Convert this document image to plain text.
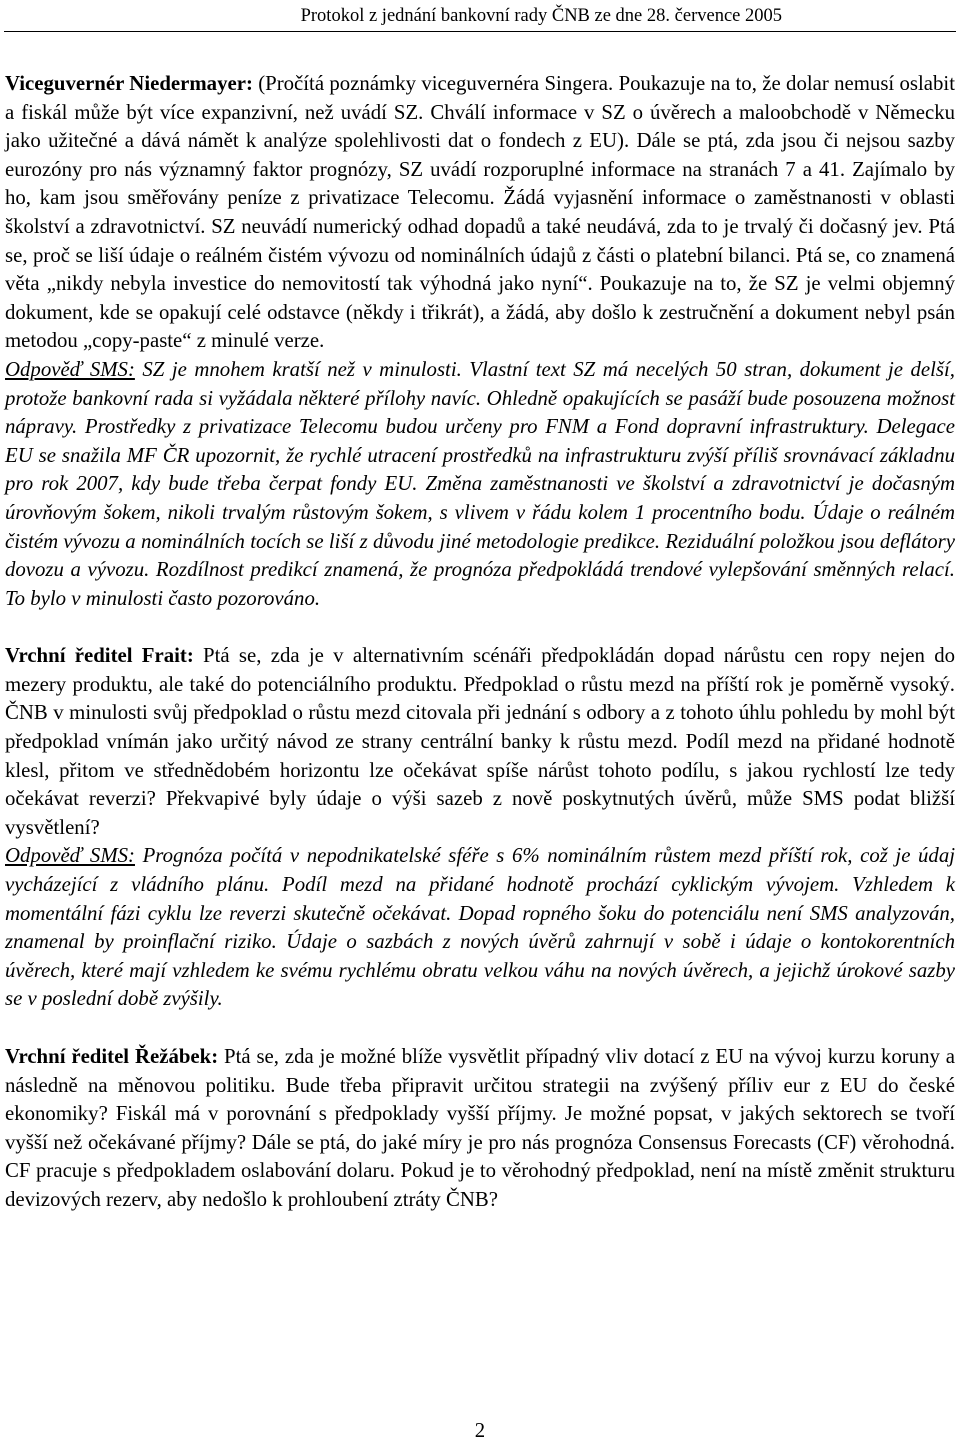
Protokol z jednání bankovní rady ČNB ze dne 28. července 2005

Viceguvernér Niedermayer: (Pročítá poznámky viceguvernéra Singera. Poukazuje na to, že dolar nemusí oslabit a fiskál může být více expanzivní, než uvádí SZ. Chválí informace v SZ o úvěrech a maloobchodě v Německu jako užitečné a dává námět k analýze spolehlivosti dat o fondech z EU). Dále se ptá, zda jsou či nejsou sazby eurozóny pro nás významný faktor prognózy, SZ uvádí rozporuplné informace na stranách 7 a 41. Zajímalo by ho, kam jsou směřovány peníze z privatizace Telecomu. Žádá vyjasnění informace o zaměstnanosti v oblasti školství a zdravotnictví. SZ neuvádí numerický odhad dopadů a také neudává, zda to je trvalý či dočasný jev. Ptá se, proč se liší údaje o reálném čistém vývozu od nominálních údajů z části o platební bilanci. Ptá se, co znamená věta „nikdy nebyla investice do nemovitostí tak výhodná jako nyní“. Poukazuje na to, že SZ je velmi objemný dokument, kde se opakují celé odstavce (někdy i třikrát), a žádá, aby došlo k zestručnění a dokument nebyl psán metodou „copy-paste“ z minulé verze.
Odpověď SMS: SZ je mnohem kratší než v minulosti. Vlastní text SZ má necelých 50 stran, dokument je delší, protože bankovní rada si vyžádala některé přílohy navíc. Ohledně opakujících se pasáží bude posouzena možnost nápravy. Prostředky z privatizace Telecomu budou určeny pro FNM a Fond dopravní infrastruktury. Delegace EU se snažila MF ČR upozornit, že rychlé utracení prostředků na infrastrukturu zvýší příliš srovnávací základnu pro rok 2007, kdy bude třeba čerpat fondy EU. Změna zaměstnanosti ve školství a zdravotnictví je dočasným úrovňovým šokem, nikoli trvalým růstovým šokem, s vlivem v řádu kolem 1 procentního bodu. Údaje o reálném čistém vývozu a nominálních tocích se liší z důvodu jiné metodologie predikce. Reziduální položkou jsou deflátory dovozu a vývozu. Rozdílnost predikcí znamená, že prognóza předpokládá trendové vylepšování směnných relací. To bylo v minulosti často pozorováno.

Vrchní ředitel Frait: Ptá se, zda je v alternativním scénáři předpokládán dopad nárůstu cen ropy nejen do mezery produktu, ale také do potenciálního produktu. Předpoklad o růstu mezd na příští rok je poměrně vysoký. ČNB v minulosti svůj předpoklad o růstu mezd citovala při jednání s odbory a z tohoto úhlu pohledu by mohl být předpoklad vnímán jako určitý návod ze strany centrální banky k růstu mezd. Podíl mezd na přidané hodnotě klesl, přitom ve střednědobém horizontu lze očekávat spíše nárůst tohoto podílu, s jakou rychlostí lze tedy očekávat reverzi? Překvapivé byly údaje o výši sazeb z nově poskytnutých úvěrů, může SMS podat bližší vysvětlení?
Odpověď SMS: Prognóza počítá v nepodnikatelské sféře s 6% nominálním růstem mezd příští rok, což je údaj vycházející z vládního plánu. Podíl mezd na přidané hodnotě prochází cyklickým vývojem. Vzhledem k momentální fázi cyklu lze reverzi skutečně očekávat. Dopad ropného šoku do potenciálu není SMS analyzován, znamenal by proinflační riziko. Údaje o sazbách z nových úvěrů zahrnují v sobě i údaje o kontokorentních úvěrech, které mají vzhledem ke svému rychlému obratu velkou váhu na nových úvěrech, a jejichž úrokové sazby se v poslední době zvýšily.

Vrchní ředitel Řežábek: Ptá se, zda je možné blíže vysvětlit případný vliv dotací z EU na vývoj kurzu koruny a následně na měnovou politiku. Bude třeba připravit určitou strategii na zvýšený příliv eur z EU do české ekonomiky? Fiskál má v porovnání s předpoklady vyšší příjmy. Je možné popsat, v jakých sektorech se tvoří vyšší než očekávané příjmy? Dále se ptá, do jaké míry je pro nás prognóza Consensus Forecasts (CF) věrohodná. CF pracuje s předpokladem oslabování dolaru. Pokud je to věrohodný předpoklad, není na místě změnit strukturu devizových rezerv, aby nedošlo k prohloubení ztráty ČNB?

2
